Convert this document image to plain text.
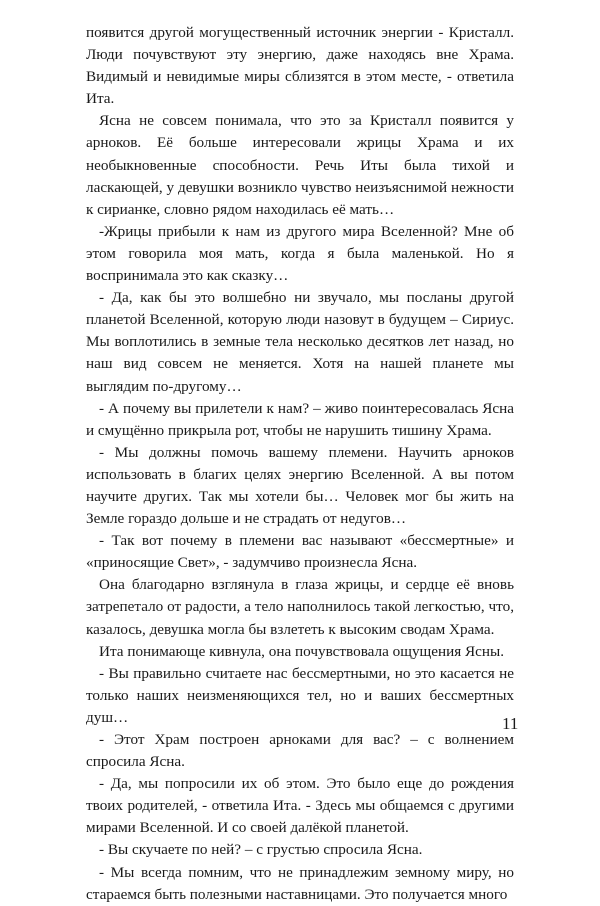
появится другой могущественный источник энергии - Кристалл. Люди почувствуют эту энергию, даже находясь вне Храма. Видимый и невидимые миры сблизятся в этом месте, - ответила Ита.

Ясна не совсем понимала, что это за Кристалл появится у арноков. Её больше интересовали жрицы Храма и их необыкновенные способности. Речь Иты была тихой и ласкающей, у девушки возникло чувство неизъяснимой нежности к сирианке, словно рядом находилась её мать…

-Жрицы прибыли к нам из другого мира Вселенной? Мне об этом говорила моя мать, когда я была маленькой. Но я воспринимала это как сказку…

- Да, как бы это волшебно ни звучало, мы посланы другой планетой Вселенной, которую люди назовут в будущем – Сириус. Мы воплотились в земные тела несколько десятков лет назад, но наш вид совсем не меняется. Хотя на нашей планете мы выглядим по-другому…

- А почему вы прилетели к нам? – живо поинтересовалась Ясна и смущённо прикрыла рот, чтобы не нарушить тишину Храма.

- Мы должны помочь вашему племени. Научить арноков использовать в благих целях энергию Вселенной. А вы потом научите других. Так мы хотели бы… Человек мог бы жить на Земле гораздо дольше и не страдать от недугов…

- Так вот почему в племени вас называют «бессмертные» и «приносящие Свет», - задумчиво произнесла Ясна.

Она благодарно взглянула в глаза жрицы, и сердце её вновь затрепетало от радости, а тело наполнилось такой легкостью, что, казалось, девушка могла бы взлететь к высоким сводам Храма.

Ита понимающе кивнула, она почувствовала ощущения Ясны.

- Вы правильно считаете нас бессмертными, но это касается не только наших неизменяющихся тел, но и ваших бессмертных душ…

- Этот Храм построен арноками для вас? – с волнением спросила Ясна.

- Да, мы попросили их об этом. Это было еще до рождения твоих родителей, - ответила Ита. - Здесь мы общаемся с другими мирами Вселенной. И со своей далёкой планетой.

- Вы скучаете по ней? – с грустью спросила Ясна.

- Мы всегда помним, что не принадлежим земному миру, но стараемся быть полезными наставницами. Это получается много

11
